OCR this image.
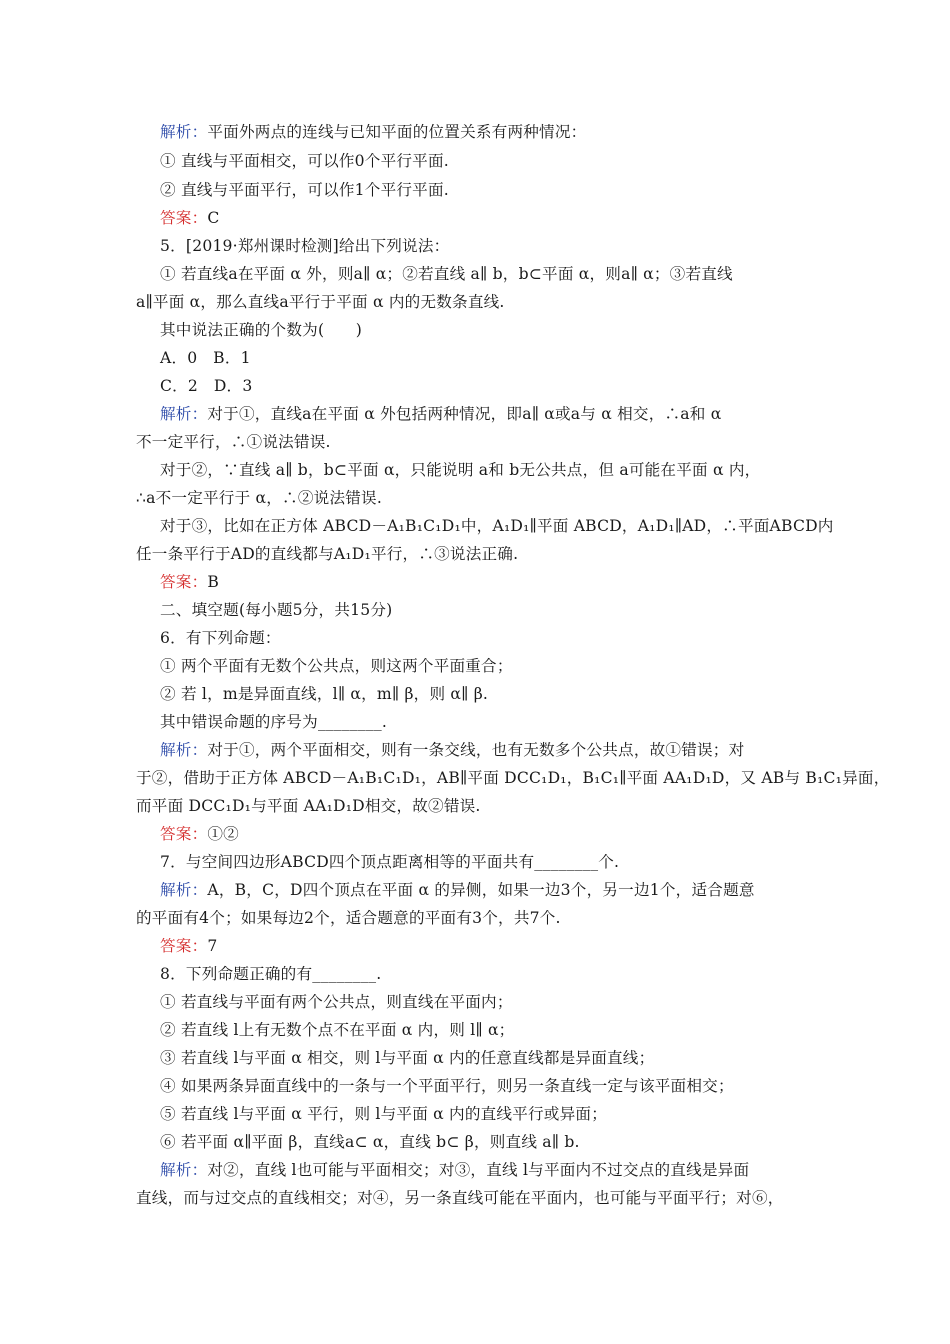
解析：平面外两点的连线与已知平面的位置关系有两种情况：
① 直线与平面相交，可以作0个平行平面.
② 直线与平面平行，可以作1个平行平面.
答案：C
5．[2019·郑州课时检测]给出下列说法：
① 若直线a在平面 α 外，则a∥ α；②若直线 a∥ b，b⊂平面 α，则a∥ α；③若直线
a∥平面 α，那么直线a平行于平面 α 内的无数条直线.
其中说法正确的个数为(　　)
A．0　B．1
C．2　D．3
解析：对于①，直线a在平面 α 外包括两种情况，即a∥ α或a与 α 相交，∴a和 α
不一定平行，∴①说法错误.
对于②，∵直线 a∥ b，b⊂平面 α，只能说明 a和 b无公共点，但 a可能在平面 α 内，
∴a不一定平行于 α，∴②说法错误.
对于③，比如在正方体 ABCD－A₁B₁C₁D₁中，A₁D₁∥平面 ABCD，A₁D₁∥AD，∴平面ABCD内
任一条平行于AD的直线都与A₁D₁平行，∴③说法正确.
答案：B
二、填空题(每小题5分，共15分)
6．有下列命题：
① 两个平面有无数个公共点，则这两个平面重合；
② 若 l，m是异面直线，l∥ α，m∥ β，则 α∥ β.
其中错误命题的序号为________.
解析：对于①，两个平面相交，则有一条交线，也有无数多个公共点，故①错误；对
于②，借助于正方体 ABCD－A₁B₁C₁D₁，AB∥平面 DCC₁D₁，B₁C₁∥平面 AA₁D₁D，又 AB与 B₁C₁异面，
而平面 DCC₁D₁与平面 AA₁D₁D相交，故②错误.
答案：①②
7．与空间四边形ABCD四个顶点距离相等的平面共有________个.
解析：A，B，C，D四个顶点在平面 α 的异侧，如果一边3个，另一边1个，适合题意
的平面有4个；如果每边2个，适合题意的平面有3个，共7个.
答案：7
8．下列命题正确的有________.
① 若直线与平面有两个公共点，则直线在平面内；
② 若直线 l上有无数个点不在平面 α 内，则 l∥ α；
③ 若直线 l与平面 α 相交，则 l与平面 α 内的任意直线都是异面直线；
④ 如果两条异面直线中的一条与一个平面平行，则另一条直线一定与该平面相交；
⑤ 若直线 l与平面 α 平行，则 l与平面 α 内的直线平行或异面；
⑥ 若平面 α∥平面 β，直线a⊂ α，直线 b⊂ β，则直线 a∥ b.
解析：对②，直线 l也可能与平面相交；对③，直线 l与平面内不过交点的直线是异面
直线，而与过交点的直线相交；对④，另一条直线可能在平面内，也可能与平面平行；对⑥，
